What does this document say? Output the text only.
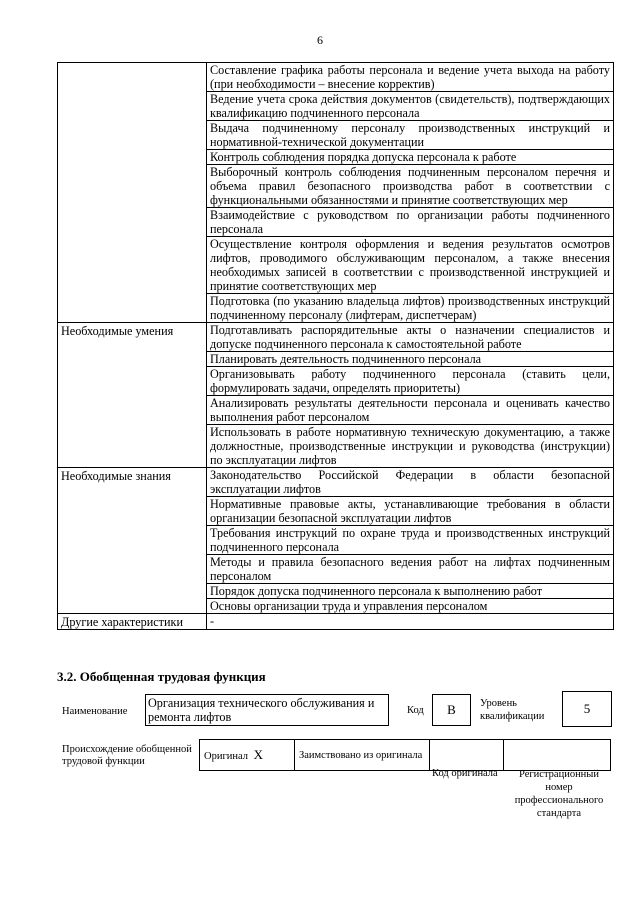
6
	Составление графика работы персонала и ведение учета выхода на работу (при необходимости – внесение корректив)
	Ведение учета срока действия документов (свидетельств), подтверждающих квалификацию подчиненного персонала
	Выдача подчиненному персоналу производственных инструкций и нормативной-технической документации
	Контроль соблюдения порядка допуска персонала к работе
	Выборочный контроль соблюдения подчиненным персоналом перечня и объема правил безопасного производства работ в соответствии с функциональными обязанностями и принятие соответствующих мер
	Взаимодействие с руководством по организации работы подчиненного персонала
	Осуществление контроля оформления и ведения результатов осмотров лифтов, проводимого обслуживающим персоналом, а также внесения необходимых записей в соответствии с производственной инструкцией и принятие соответствующих мер
	Подготовка (по указанию владельца лифтов) производственных инструкций подчиненному персоналу (лифтерам, диспетчерам)
Необходимые умения	Подготавливать распорядительные акты о назначении специалистов и допуске подчиненного персонала к самостоятельной работе
	Планировать деятельность подчиненного персонала
	Организовывать работу подчиненного персонала (ставить цели, формулировать задачи, определять приоритеты)
	Анализировать результаты деятельности персонала и оценивать качество выполнения работ персоналом
	Использовать в работе нормативную техническую документацию, а также должностные, производственные инструкции и руководства (инструкции) по эксплуатации лифтов
Необходимые знания	Законодательство Российской Федерации в области безопасной эксплуатации лифтов
	Нормативные правовые акты, устанавливающие требования в области организации безопасной эксплуатации лифтов
	Требования инструкций по охране труда и производственных инструкций подчиненного персонала
	Методы и правила безопасного ведения работ на лифтах подчиненным персоналом
	Порядок допуска подчиненного персонала к выполнению работ
	Основы организации труда и управления персоналом
Другие характеристики	-
3.2. Обобщенная трудовая функция
Наименование
Организация технического обслуживания и ремонта лифтов	Код	B	Уровень квалификации
5
Происхождение обобщенной трудовой функции	Оригинал X	Заимствовано из оригинала		
Код оригинала	Регистрационный номер профессионального стандарта
